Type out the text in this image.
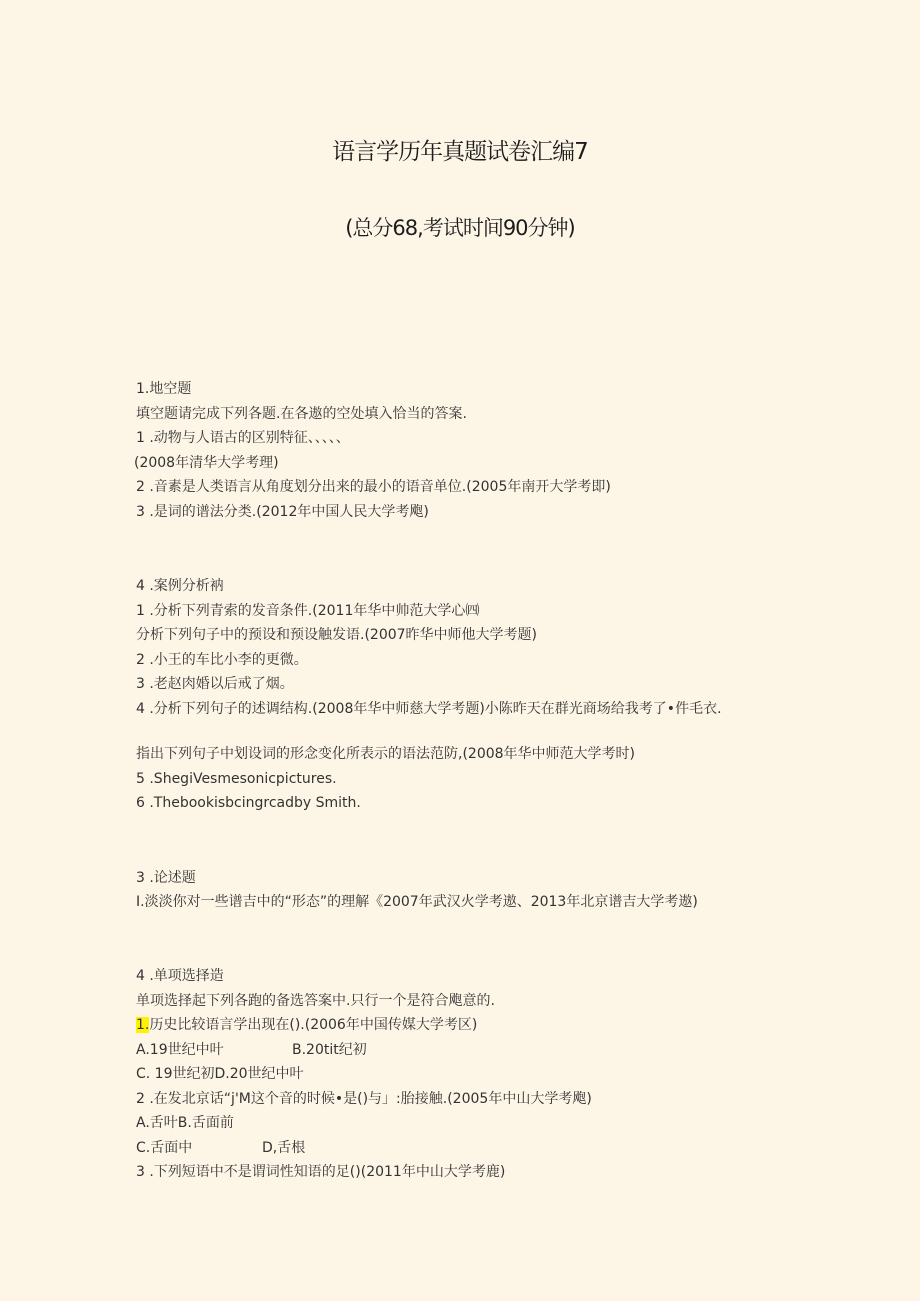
语言学历年真题试卷汇编7
(总分68,考试时间90分钟)
1.地空题
填空题请完成下列各题.在各遨的空处填入恰当的答案.
1 .动物与人语古的区别特征、、、、、
(2008年清华大学考理)
2 .音素是人类语言从角度划分出来的最小的语音单位.(2005年南开大学考即)
3 .是词的谱法分类.(2012年中国人民大学考飑)
4 .案例分析衲
1 .分析下列青索的发音条件.(2011年华中帅范大学心㈣
分析下列句子中的预设和预设触发语.(2007昨华中师他大学考题)
2 .小王的车比小李的更微。
3 .老赵肉婚以后戒了烟。
4 .分析下列句子的述调结构.(2008年华中师慈大学考题)小陈昨天在群光商场给我考了•件毛衣.
指出下列句子中划设词的形念变化所表示的语法范防,(2008年华中师范大学考时)
5 .ShegiVesmesonicpictures.
6 .Thebookisbcingrcadby Smith.
3 .论述题
I.淡淡你对一些谱吉中的“形态”的理解《2007年武汉火学考遨、2013年北京谱吉大学考遨)
4 .单项选择造
单项选择起下列各跑的备选答案中.只行一个是符合飑意的.
1.历史比较语言学出现在().(2006年中国传媒大学考区)
A.19世纪中叶	B.20tit纪初
C. 19世纪初D.20世纪中叶
2 .在发北京话“j'M这个音的时候•是()与」:胎接触.(2005年中山大学考飑)
A.舌叶B.舌面前
C.舌面中	D,舌根
3 .下列短语中不是谓词性知语的足()(2011年中山大学考鹿)
